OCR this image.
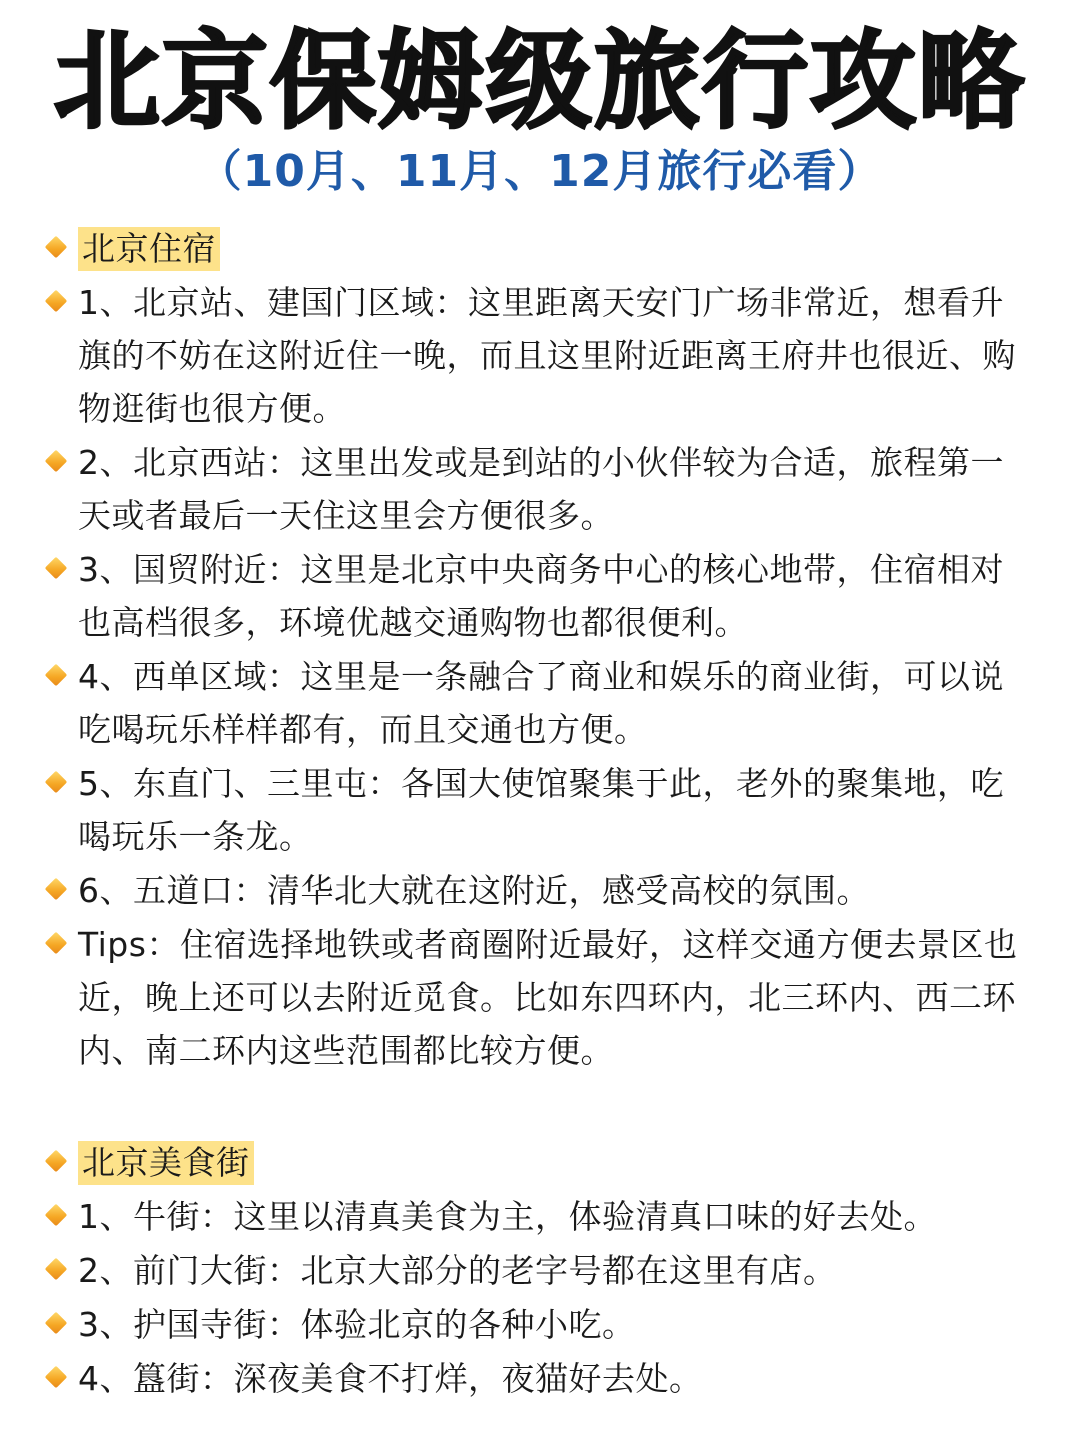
北京保姆级旅行攻略
（10月、11月、12月旅行必看）
北京住宿
1、北京站、建国门区域：这里距离天安门广场非常近，想看升旗的不妨在这附近住一晚，而且这里附近距离王府井也很近、购物逛街也很方便。
2、北京西站：这里出发或是到站的小伙伴较为合适，旅程第一天或者最后一天住这里会方便很多。
3、国贸附近：这里是北京中央商务中心的核心地带，住宿相对也高档很多，环境优越交通购物也都很便利。
4、西单区域：这里是一条融合了商业和娱乐的商业街，可以说吃喝玩乐样样都有，而且交通也方便。
5、东直门、三里屯：各国大使馆聚集于此，老外的聚集地，吃喝玩乐一条龙。
6、五道口：清华北大就在这附近，感受高校的氛围。
Tips：住宿选择地铁或者商圈附近最好，这样交通方便去景区也近，晚上还可以去附近觅食。比如东四环内，北三环内、西二环内、南二环内这些范围都比较方便。
北京美食街
1、牛街：这里以清真美食为主，体验清真口味的好去处。
2、前门大街：北京大部分的老字号都在这里有店。
3、护国寺街：体验北京的各种小吃。
4、簋街：深夜美食不打烊，夜猫好去处。
